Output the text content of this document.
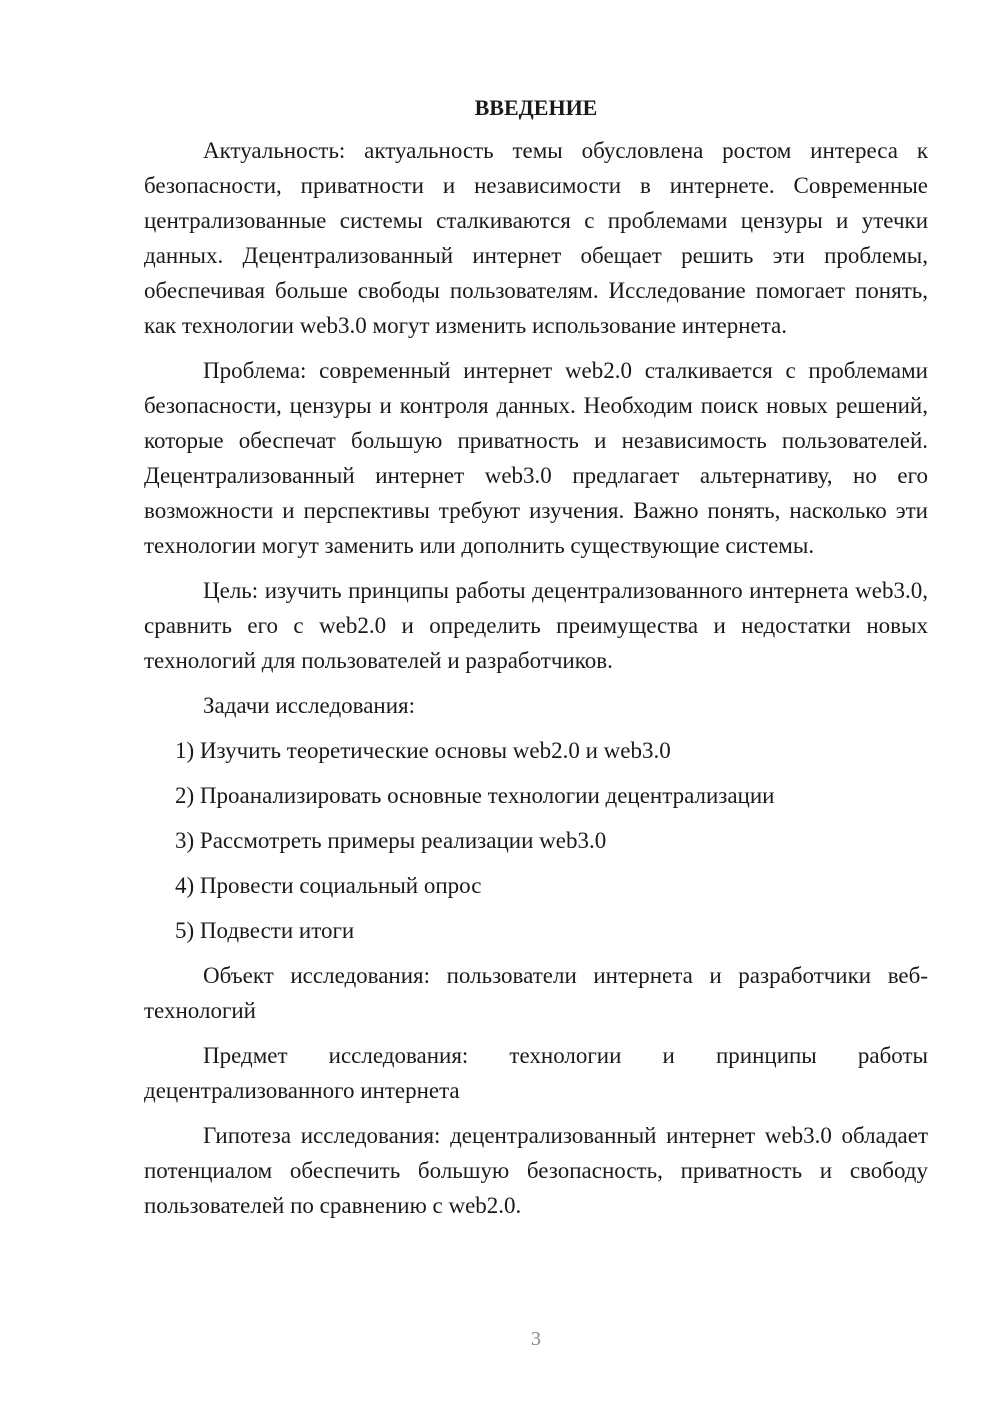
ВВЕДЕНИЕ

Актуальность: актуальность темы обусловлена ростом интереса к безопасности, приватности и независимости в интернете. Современные централизованные системы сталкиваются с проблемами цензуры и утечки данных. Децентрализованный интернет обещает решить эти проблемы, обеспечивая больше свободы пользователям. Исследование помогает понять, как технологии web3.0 могут изменить использование интернета.

Проблема: современный интернет web2.0 сталкивается с проблемами безопасности, цензуры и контроля данных. Необходим поиск новых решений, которые обеспечат большую приватность и независимость пользователей. Децентрализованный интернет web3.0 предлагает альтернативу, но его возможности и перспективы требуют изучения. Важно понять, насколько эти технологии могут заменить или дополнить существующие системы.

Цель: изучить принципы работы децентрализованного интернета web3.0, сравнить его с web2.0 и определить преимущества и недостатки новых технологий для пользователей и разработчиков.

Задачи исследования:

1) Изучить теоретические основы web2.0 и web3.0
2) Проанализировать основные технологии децентрализации
3) Рассмотреть примеры реализации web3.0
4) Провести социальный опрос
5) Подвести итоги

Объект исследования: пользователи интернета и разработчики веб-технологий

Предмет исследования: технологии и принципы работы децентрализованного интернета

Гипотеза исследования: децентрализованный интернет web3.0 обладает потенциалом обеспечить большую безопасность, приватность и свободу пользователей по сравнению с web2.0.

3
